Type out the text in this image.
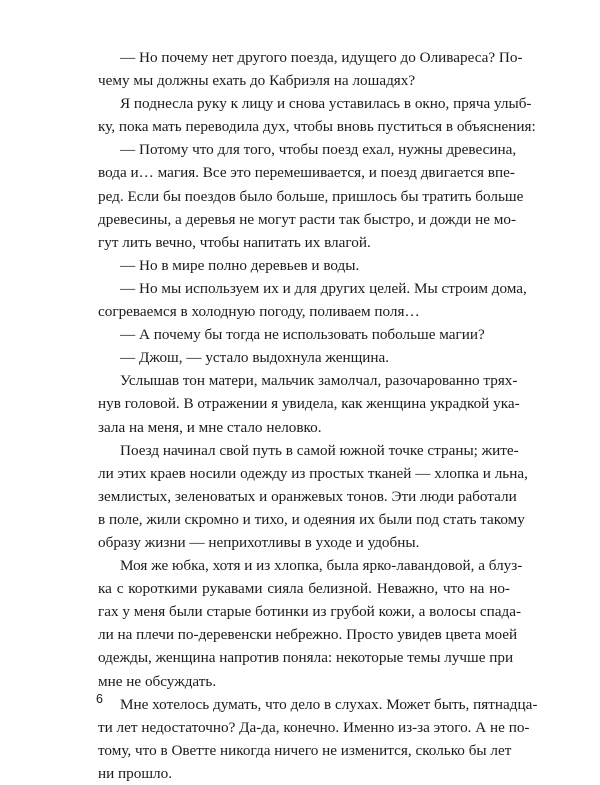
— Но почему нет другого поезда, идущего до Оливареса? По-
чему мы должны ехать до Кабриэля на лошадях?
Я поднесла руку к лицу и снова уставилась в окно, пряча улыб-
ку, пока мать переводила дух, чтобы вновь пуститься в объяснения:
— Потому что для того, чтобы поезд ехал, нужны древесина,
вода и… магия. Все это перемешивается, и поезд двигается впе-
ред. Если бы поездов было больше, пришлось бы тратить больше
древесины, а деревья не могут расти так быстро, и дожди не мо-
гут лить вечно, чтобы напитать их влагой.
— Но в мире полно деревьев и воды.
— Но мы используем их и для других целей. Мы строим дома,
согреваемся в холодную погоду, поливаем поля…
— А почему бы тогда не использовать побольше магии?
— Джош, — устало выдохнула женщина.
Услышав тон матери, мальчик замолчал, разочарованно трях-
нув головой. В отражении я увидела, как женщина украдкой ука-
зала на меня, и мне стало неловко.
Поезд начинал свой путь в самой южной точке страны; жите-
ли этих краев носили одежду из простых тканей — хлопка и льна,
землистых, зеленоватых и оранжевых тонов. Эти люди работали
в поле, жили скромно и тихо, и одеяния их были под стать такому
образу жизни — неприхотливы в уходе и удобны.
Моя же юбка, хотя и из хлопка, была ярко-лавандовой, а блуз-
ка с короткими рукавами сияла белизной. Неважно, что на но-
гах у меня были старые ботинки из грубой кожи, а волосы спада-
ли на плечи по-деревенски небрежно. Просто увидев цвета моей
одежды, женщина напротив поняла: некоторые темы лучше при
мне не обсуждать.
Мне хотелось думать, что дело в слухах. Может быть, пятнадца-
ти лет недостаточно? Да-да, конечно. Именно из-за этого. А не по-
тому, что в Оветте никогда ничего не изменится, сколько бы лет
ни прошло.
6
